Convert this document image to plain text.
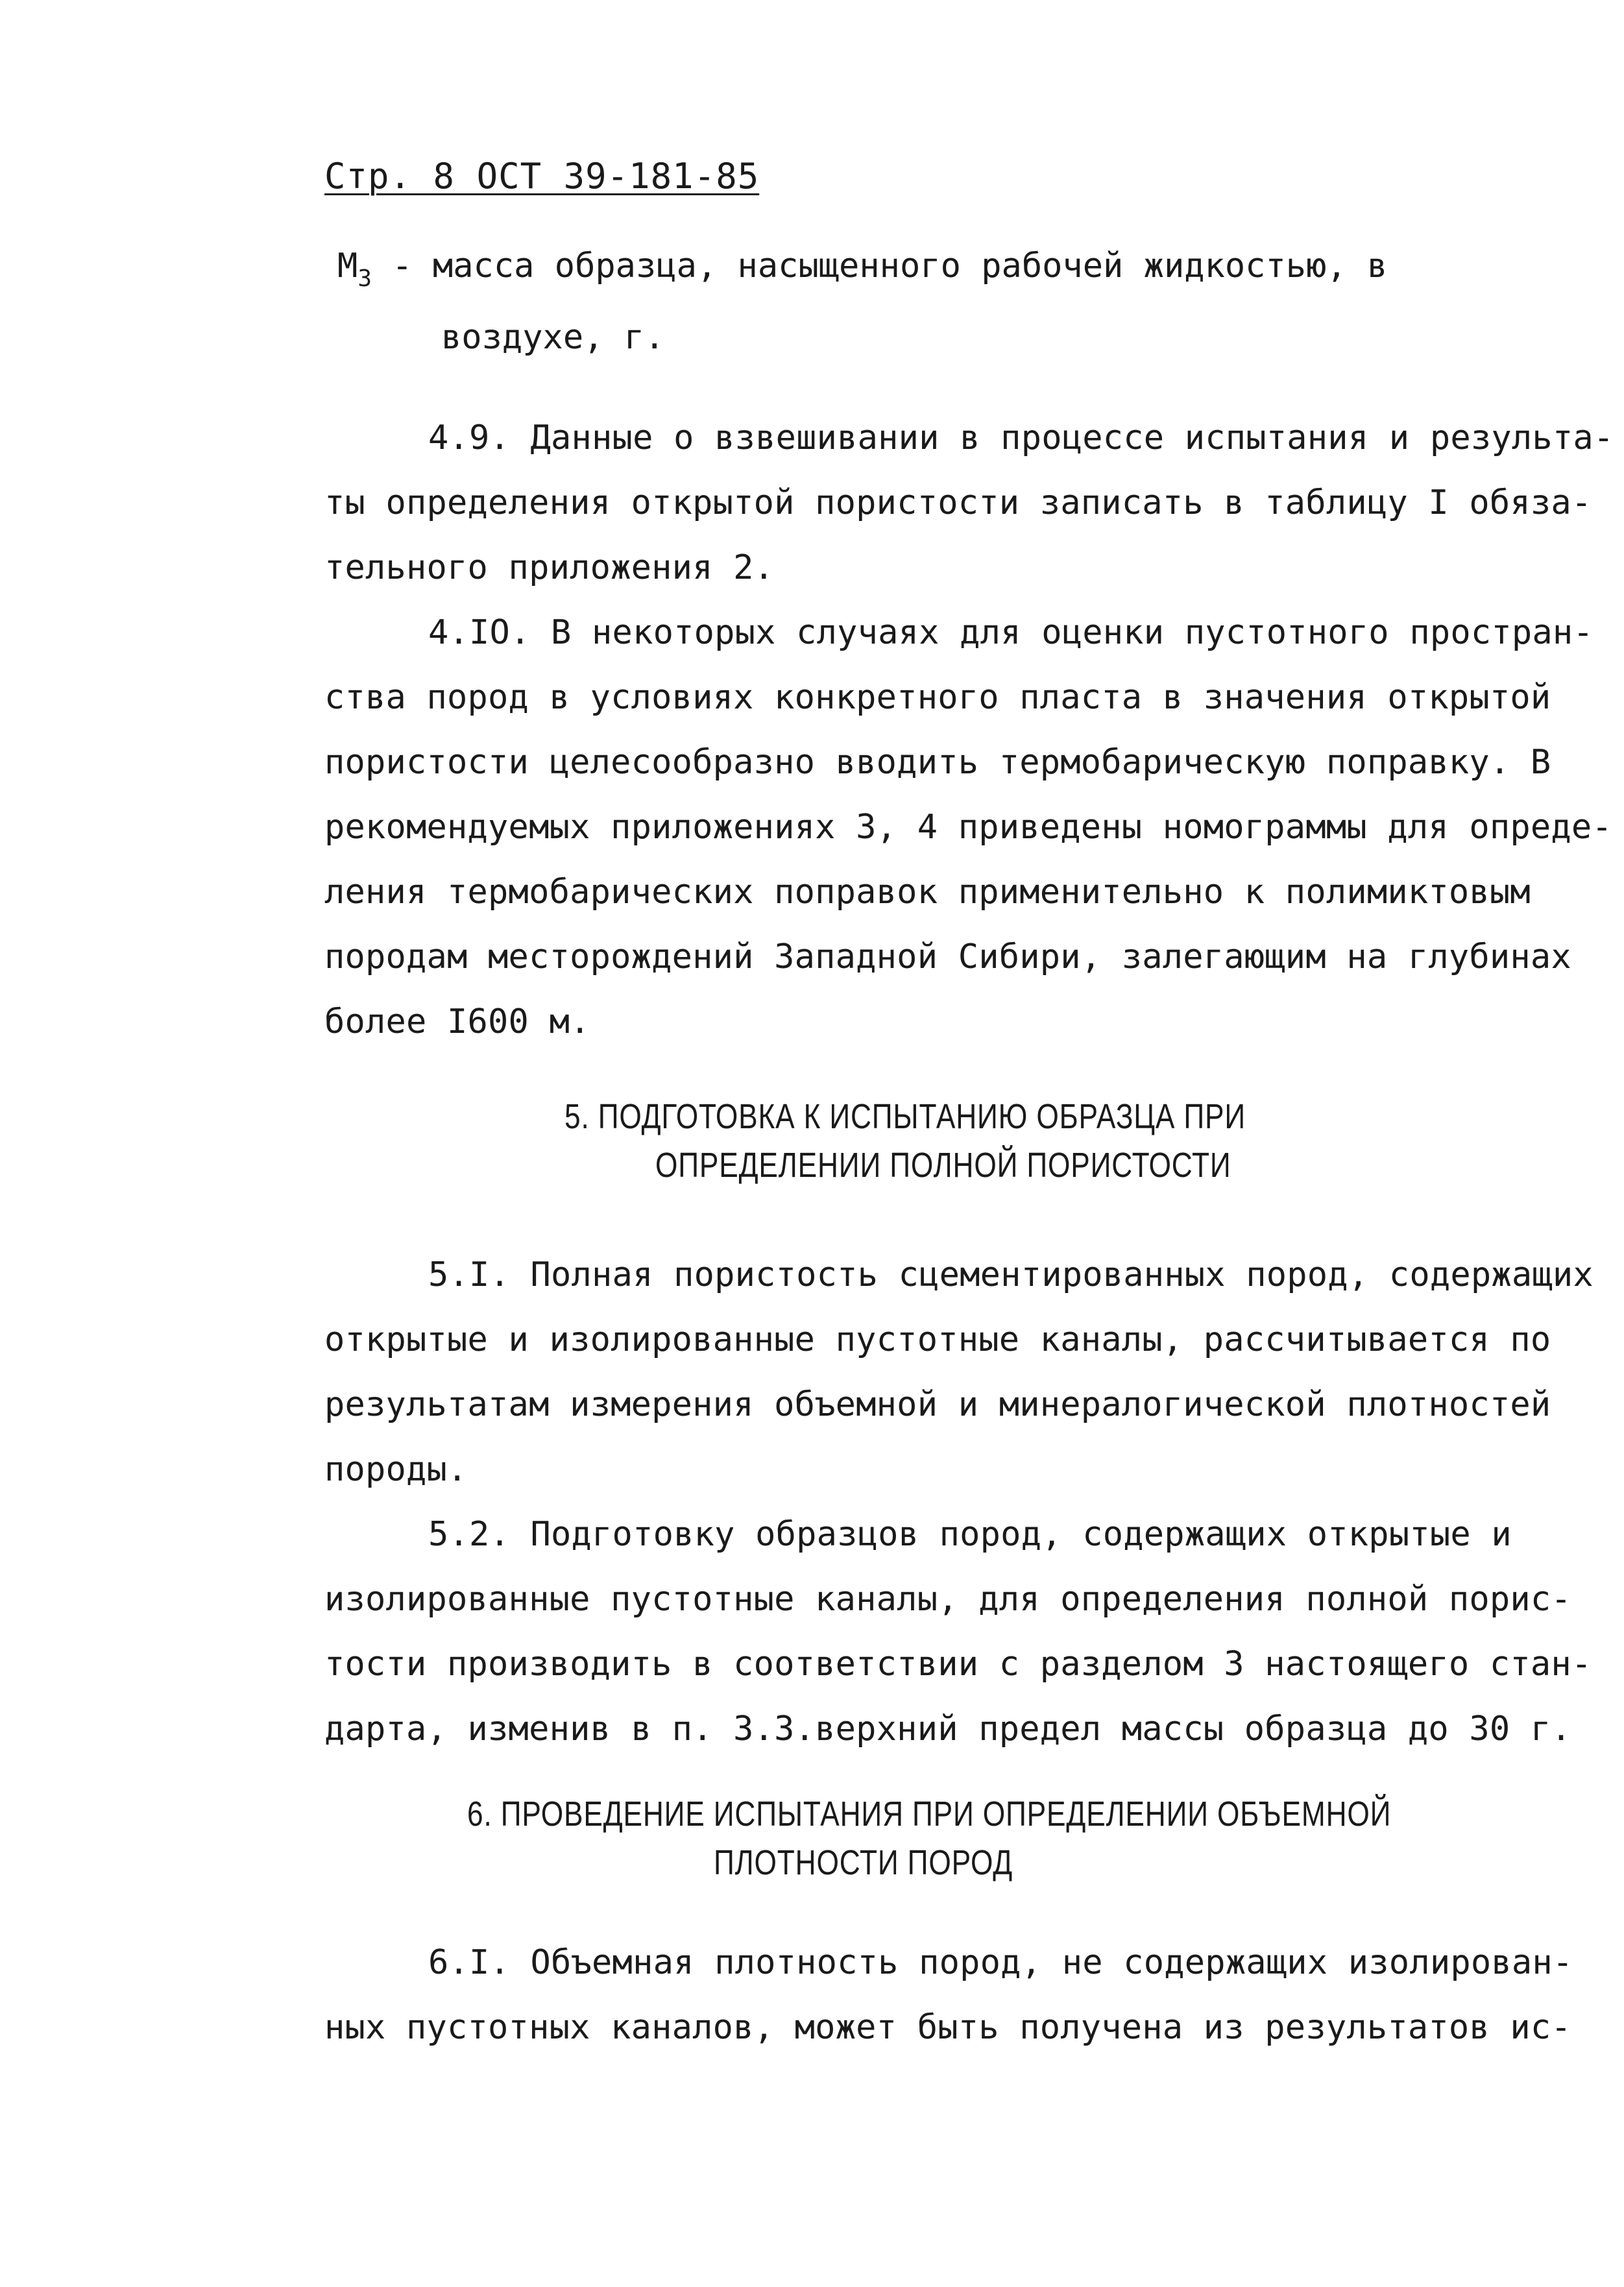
Стр. 8 ОСТ 39-181-85
$М_3$ - масса образца, насыщенного рабочей жидкостью, в
воздухе, г.
4.9. Данные о взвешивании в процессе испытания и результа-
ты определения открытой пористости записать в таблицу I обяза-
тельного приложения 2.
4.IO. В некоторых случаях для оценки пустотного простран-
ства пород в условиях конкретного пласта в значения открытой
пористости целесообразно вводить термобарическую поправку. В
рекомендуемых приложениях 3, 4 приведены номограммы для опреде-
ления термобарических поправок применительно к полимиктовым
породам месторождений Западной Сибири, залегающим на глубинах
более I600 м.
5. ПОДГОТОВКА К ИСПЫТАНИЮ ОБРАЗЦА ПРИ
ОПРЕДЕЛЕНИИ ПОЛНОЙ ПОРИСТОСТИ
5.I. Полная пористость сцементированных пород, содержащих
открытые и изолированные пустотные каналы, рассчитывается по
результатам измерения объемной и минералогической плотностей
породы.
5.2. Подготовку образцов пород, содержащих открытые и
изолированные пустотные каналы, для определения полной порис-
тости производить в соответствии с разделом 3 настоящего стан-
дарта, изменив в п. 3.3.верхний предел массы образца до 30 г.
6. ПРОВЕДЕНИЕ ИСПЫТАНИЯ ПРИ ОПРЕДЕЛЕНИИ ОБЪЕМНОЙ
ПЛОТНОСТИ ПОРОД
6.I. Объемная плотность пород, не содержащих изолирован-
ных пустотных каналов, может быть получена из результатов ис-
